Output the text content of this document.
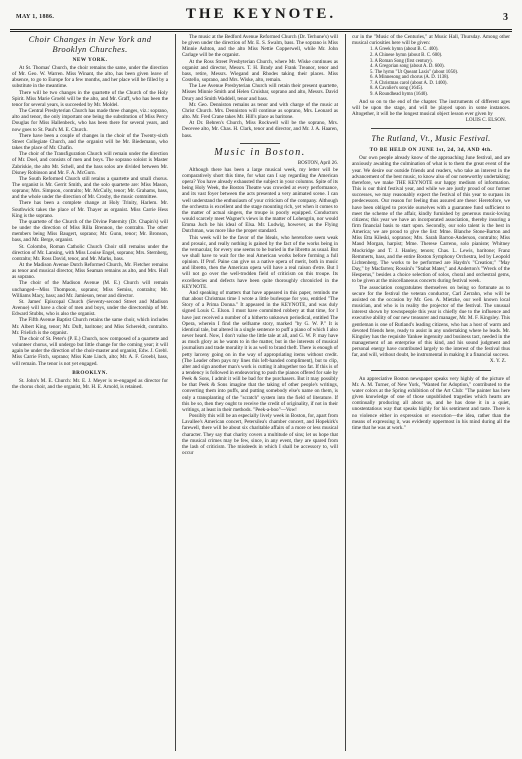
MAY 1, 1886.	THE KEYNOTE.	3
Choir Changes in New York and
Brooklyn Churches.
NEW YORK.

At St. Thomas' Church, the choir remains the same, under the direction of Mr. Geo. W. Warren. Miss Winant, the alto, has been given leave of absence, to go to Europe for a few months, and her place will be filled by a substitute in the meantime.

There will be two changes in the quartette of the Church of the Holy Spirit. Miss Marie Groebl will be the alto, and Mr. Graff, who has been the tenor for several years, is succeeded by Mr. Moldel.

The Central Presbyterian Church has made three changes, viz.: soprano, alto and tenor, the only important one being the substitution of Miss Percy Douglas for Miss Hallenbeck, who has been there for several years, and now goes to St. Paul's M. E. Church.

There have been a couple of changes in the choir of the Twenty-sixth Street Collegiate Church, and the organist will be Mr. Biedemann, who takes the place of Mr. Chafin.

The choir of the Transfiguration Church will remain under the direction of Mr. Doel, and consists of men and boys. The soprano soloist is Master Zabriskie, the alto Mr. Schell, and the bass solos are divided between Mr. Disney Robinson and Mr. F. A. McGurn.

The South Reformed Church still retains a quartette and small chorus. The organist is Mr. Gerrit Smith, and the solo quartette are: Miss Mason, soprano; Mrs. Simpson, contralto; Mr. McCully, tenor; Mr. Grahams, bass, and the whole under the direction of Mr. Crosby, the music committee.

There has been a complete change at Holy Trinity, Harlem. Mr. Southwick takes the place of Mr. Thayer as organist. Miss Carrie Hess King is the soprano.

The quartette of the Church of the Divine Paternity (Dr. Chapin's) will be under the direction of Miss Rilla Brennon, the contralto. The other members being Miss Baugert, soprano; Mr. Gunn, tenor; Mr. Bronson, bass, and Mr. Berge, organist.

St. Colombo, Roman Catholic Church Choir still remains under the direction of Mr. Lansing, with Miss Louise Engel, soprano; Mrs. Sternberg, contralto; Mr. Ross David, tenor, and Mr. Marks, bass.

At the Madison Avenue Dutch Reformed Church, Mr. Fletcher remains as tenor and musical director, Miss Seaman remains as alto, and Mrs. Hull as soprano.

The choir of the Madison Avenue (M. E.) Church will remain unchanged—Miss Thompson, soprano; Miss Semiss, contralto; Mr. Williams Macy, bass; and Mr. Jamieson, tenor and director.

St. James' Episcopal Church (Seventy-second Street and Madison Avenue) will have a choir of men and boys, under the directorship of Mr. Edward Stubbs, who is also the organist.

The Fifth Avenue Baptist Church retains the same choir, which includes Mr. Albert King, tenor; Mr. Duft, baritone; and Miss Schereidt, contralto. Mr. Frielich is the organist.

The choir of St. Peter's (P. E.) Church, now composed of a quartette and volunteer chorus, will undergo but little change for the coming year; it will again be under the direction of the choir-master and organist, Edw. J. Grebl. Miss Carrie Fitch, soprano; Miss Kate Linch, alto; Mr. A. F. Groebl, bass, will remain. The tenor is not yet engaged.

BROOKLYN.

St. John's M. E. Church: Mr. E. J. Meyer is re-engaged as director for the chorus choir, and the organist, Mr. H. E. Arnold, is retained.

The music at the Bedford Avenue Reformed Church (Dr. Terhune's) will be given under the direction of Mr. E. S. Swalm, bass. The soprano is Miss Minnie Ashton, and the alto Miss Nettie Copperwell, while Mr. John Carlage will be the organist.

At the Ross Street Presbyterian Church, where Mr. Wiske continues as organist and director, Messrs. T. H. Brady and Frank Treanor, tenor and bass, retire, Messrs. Wiegand and Rhodes taking their places. Miss Costello, soprano, and Mrs. Wiske, alto, remain.

The Lee Avenue Presbyterian Church will retain their present quartette, Misses Minnie Smith and Helen Cruisbar, soprano and alto, Messrs. David Drury and Smith Waddell, tenor and bass.

Mr. Geo. Denniston remains as tenor and with charge of the music at Christ Church. Mrs. Denniston will continue as soprano, Mrs. Leonard as alto. Mr. Fred Crane takes Mr. Hill's place as baritone.

At Dr. Behren's Church, Miss Rockwell will be the soprano, Mrs. Decevee alto, Mr. Chas. H. Clark, tenor and director, and Mr. J. A. Haaren, bass.

Music in Boston.

BOSTON, April 26.

Although there has been a large musical week, my letter will be comparatively short this time, for what can I say regarding the American opera? You have already exhausted the subject in your columns. Spite of its being Holy Week, the Boston Theatre was crowded at every performance, and its vast foyer between the acts presented a very animated scene. I can well understand the enthusiasm of your criticism of the company. Although the orchestra is excellent and the stage mounting rich, yet when it comes to the matter of actual singers, the troupe is poorly equipped. Conductors would scarcely meet Wagner's views in the matter of Lohengrin, nor would Emma Juch be his ideal of Elsa. Mr. Ludwig, however, as the Flying Dutchman, was more like the proper standard.

This week will be the favor of the Ideals, who heretofore seem weak and prosaic, and really nothing is gained by the fact of the works being in the vernacular, for every one seems to be buried in the libretto as usual. But we shall have to wait for the real American works before forming a full opinion. If Prof. Paine can give us a native opera of merit, both in music and libretto, then the American opera will have a real raison d'etre. But I will not go over the well-trodden field of criticism on this troupe. Its excellencies and defects have been quite thoroughly chronicled in the KEYNOTE.

And speaking of matters that have appeared in this paper, reminds me that about Christmas time I wrote a little burlesque for you, entitled "The Story of a Prima Donna." It appeared in the KEYNOTE, and was duly signed Louis C. Elson. I must have committed robbery at that time, for I have just received a number of a hitherto unknown periodical, entitled The Opera, wherein I find the selfsame story, marked "by G. W. P." It is identical tale, but altered in a single sentence to puff a piano of which I also never heard. Now, I don't value the little tale at all, and G. W. P. may have as much glory as he wants to in the matter, but in the interests of musical journalism and trade morality it is as well to brand theft. There is enough of petty larceny going on in the way of appropriating items without credit. (The Leader often pays my lines this left-handed compliment), but to clip, alter and sign another man's work is cutting it altogether too fat. If this is of a tendency is followed in endeavoring to push the pianos offered for sale by Peek & Sons, I admit it will be bad for the purchasers. But it may possibly be that Peek & Sons imagine that the taking of other people's writings, converting them into puffs, and putting somebody else's name on them, is only a transplanting of the "scratch" system into the field of literature. If this be so, then they ought to receive the credit of originality, if not in their writings, at least in their methods. "Peek-a-boo"—Vow!

Possibly this will be an especially lively week in Boston, for, apart from Lavallee's American concert, Petersilea's chamber concert, and Hopekirk's farewell, there will be about six charitable affairs of a more or less musical character. They say that charity covers a multitude of sins; let us hope that the musical crimes may be few, since, in any event, they are spared from the lash of criticism. The misdeeds in which I shall be accessory to, will occur

cur in the "Music of the Centuries," at Music Hall, Thursday. Among other musical curiosities here will be given:

1. A Greek hymn (about B. C. 400).
2. A Chinese hymn (about B. C. 600).
3. A Roman Song (first century).
4. A Gregorian song (about A. D. 600).
5. The hymn "Ut Queant Laxis" (about 1050).
6. A Minnesong and chorus (A. D. 1138).
7. A Christmas carol (about A. D. 1400).
8. A Cavalier's song (1645).
9. A Roundhead hymn (1640).

And so on to the end of the chapter. The instruments of different ages will be upon the stage, and will be played upon in some instances. Altogether, it will be the longest musical object lesson ever given by

LOUIS C. ELSON.
The Rutland, Vt., Music Festival.
TO BE HELD ON JUNE 1st, 2d, 3d, AND 4th.

Our own people already know of the approaching June festival, and are anxiously awaiting the culmination of what is to them the great event of the year. We desire our outside friends and readers, who take an interest in the advancement of the best music, to know also of our noteworthy undertaking; therefore, we make THE KEYNOTE our happy medium of information. This is our third festival year, and while we are justly proud of our former successes, we may reasonably expect the festival of this year to surpass its predecessors. Our reason for feeling thus assured are these: Heretofore, we have been obliged to provide ourselves with a guarantee fund sufficient to meet the scheme of the affair, kindly furnished by generous music-loving citizens; this year we have an incorporated association, thereby insuring a firm financial basis to start upon. Secondly, our solo talent is the best in America; we are proud to give the list: Mme. Blanche Stone-Barton and Miss Etta Kileski, sopranos; Mrs. Sarah Barron-Anderson, contralto; Miss Maud Morgan, harpist; Mme. Therese Carreno, solo pianiste; Whitney Mockridge and T. J. Hanley, tenors; Chas. L. Lewis, baritone; Franz Remmerts, bass, and the entire Boston Symphony Orchestra, led by Leopold Lichtenberg. The works to be performed are Haydn's "Creation;" "May Day," by Macfarren; Rossini's "Stabat Mater," and Anderton's "Wreck of the Hesperus," besides a choice selection of solos, choral and orchestral gems, to be given at the miscellaneous concerts during festival week.

The association congratulates themselves on being so fortunate as to secure for the festival the veteran conductor, Carl Zerrahn, who will be assisted on the occasion by Mr. Geo. A. Mietzke, our well known local musician, and who is in reality the projector of the festival. The unusual interest shown by townspeople this year is chiefly due to the influence and executive ability of our new treasurer and manager, Mr. M. F. Kingsley. This gentleman is one of Rutland's leading citizens, who has a host of warm and devoted friends here, ready to assist in any undertaking where he leads. Mr. Kingsley has the requisite Yankee ingenuity and business tact, needed in the management of an enterprise of this kind, and his sound judgment and personal energy have contributed largely to the interest of the festival thus far, and will, without doubt, be instrumental in making it a financial success.

X. Y. Z.

An appreciative Boston newspaper speaks very highly of the picture of Mr. A. M. Turner, of New York, "Wanted for Adoption," contributed to the water colors at the Spring exhibition of the Art Club: "The painter has here given knowledge of one of those unpublished tragedies which hearts are continually producing all about us, and he has done it in a quiet, unostentatious way that speaks highly for his sentiment and taste. There is no violence either in expression or execution—the idea, rather than the means of expressing it, was evidently uppermost in his mind during all the time that he was at work."
